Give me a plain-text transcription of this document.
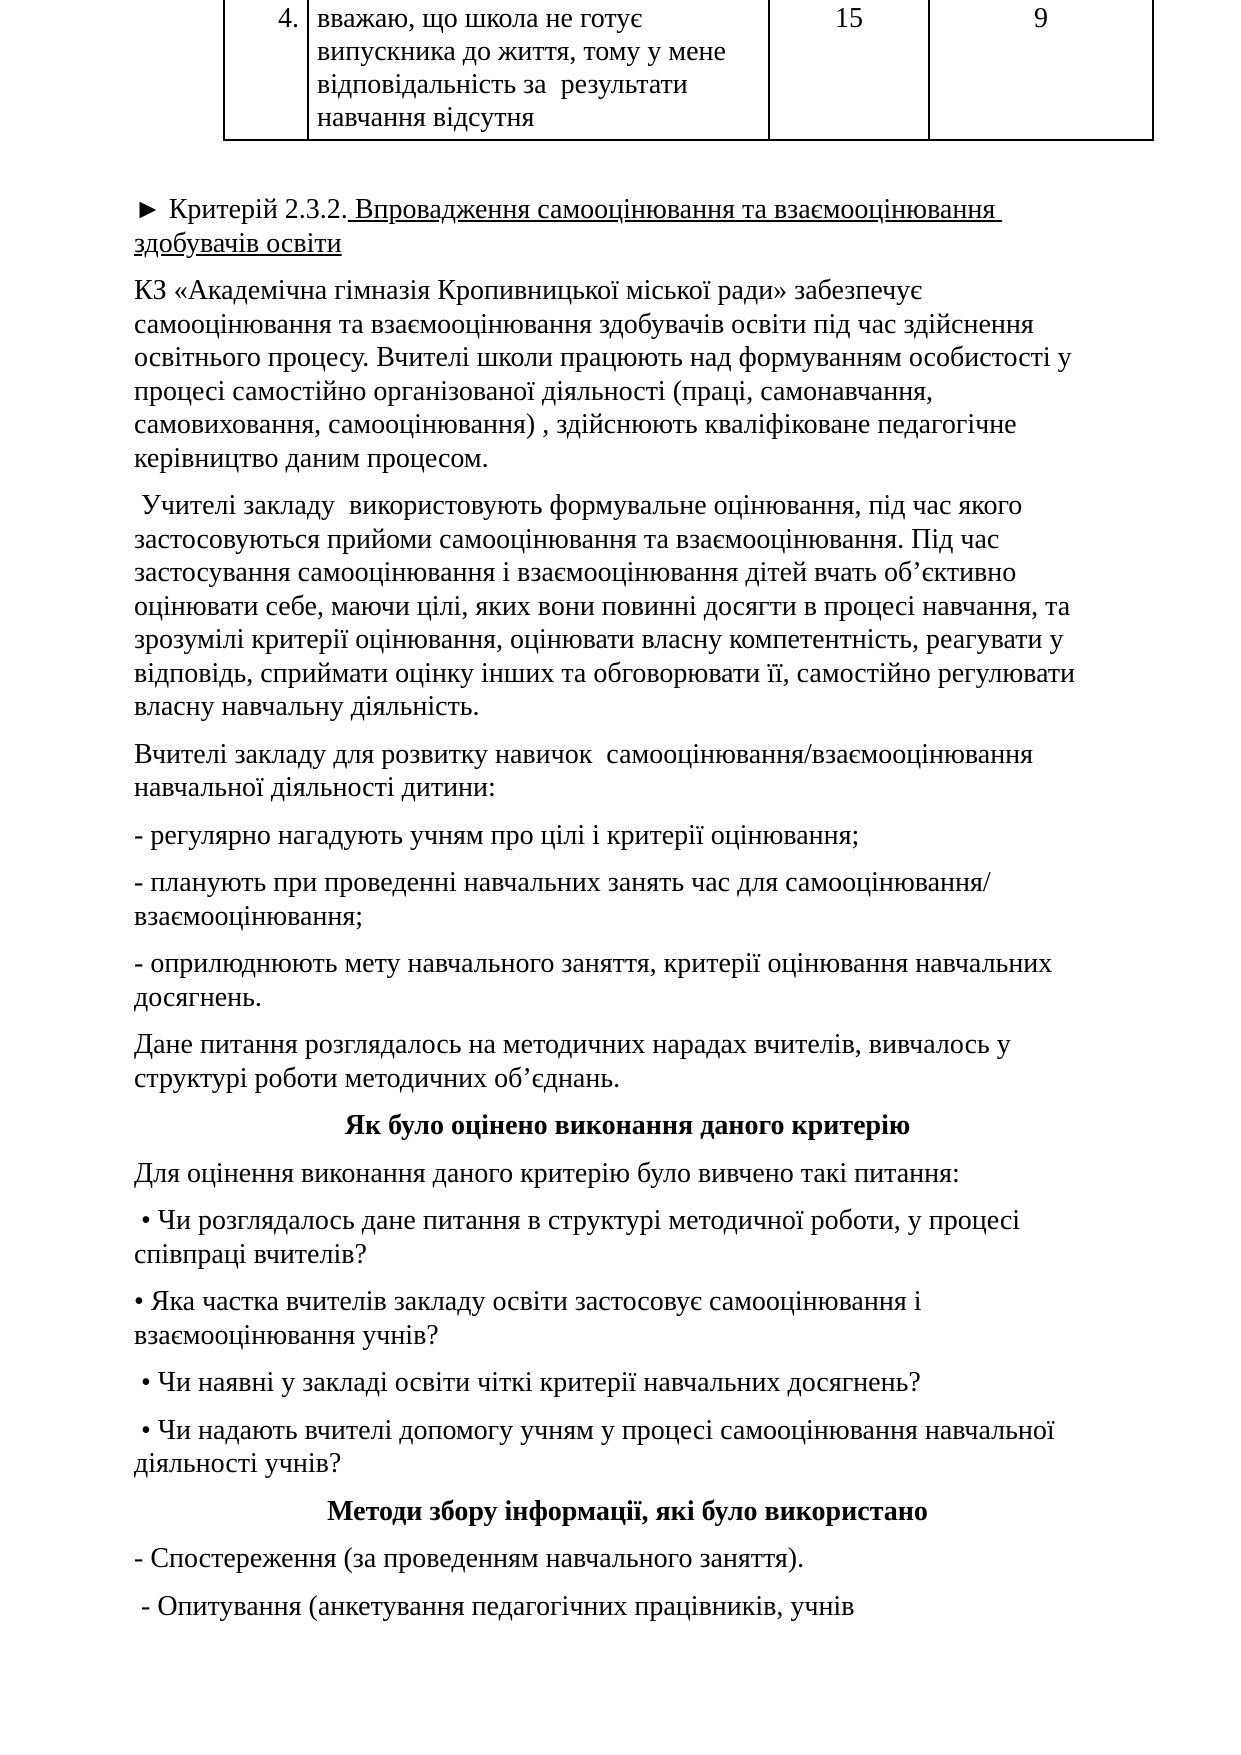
4.	вважаю, що школа не готує випускника до життя, тому у мене відповідальність за  результати навчання відсутня	15	9

► Критерій 2.3.2. Впровадження самооцінювання та взаємооцінювання здобувачів освіти

КЗ «Академічна гімназія Кропивницької міської ради» забезпечує самооцінювання та взаємооцінювання здобувачів освіти під час здійснення освітнього процесу. Вчителі школи працюють над формуванням особистості у процесі самостійно організованої діяльності (праці, самонавчання, самовиховання, самооцінювання) , здійснюють кваліфіковане педагогічне керівництво даним процесом.

Учителі закладу  використовують формувальне оцінювання, під час якого застосовуються прийоми самооцінювання та взаємооцінювання. Під час застосування самооцінювання і взаємооцінювання дітей вчать об’єктивно оцінювати себе, маючи цілі, яких вони повинні досягти в процесі навчання, та зрозумілі критерії оцінювання, оцінювати власну компетентність, реагувати у відповідь, сприймати оцінку інших та обговорювати її, самостійно регулювати власну навчальну діяльність.

Вчителі закладу для розвитку навичок  самооцінювання/взаємооцінювання навчальної діяльності дитини:

- регулярно нагадують учням про цілі і критерії оцінювання;

- планують при проведенні навчальних занять час для самооцінювання/взаємооцінювання;

- оприлюднюють мету навчального заняття, критерії оцінювання навчальних досягнень.

Дане питання розглядалось на методичних нарадах вчителів, вивчалось у структурі роботи методичних об’єднань.

Як було оцінено виконання даного критерію

Для оцінення виконання даного критерію було вивчено такі питання:

• Чи розглядалось дане питання в структурі методичної роботи, у процесі співпраці вчителів?

• Яка частка вчителів закладу освіти застосовує самооцінювання і взаємооцінювання учнів?

• Чи наявні у закладі освіти чіткі критерії навчальних досягнень?

• Чи надають вчителі допомогу учням у процесі самооцінювання навчальної діяльності учнів?

Методи збору інформації, які було використано

- Спостереження (за проведенням навчального заняття).

- Опитування (анкетування педагогічних працівників, учнів
